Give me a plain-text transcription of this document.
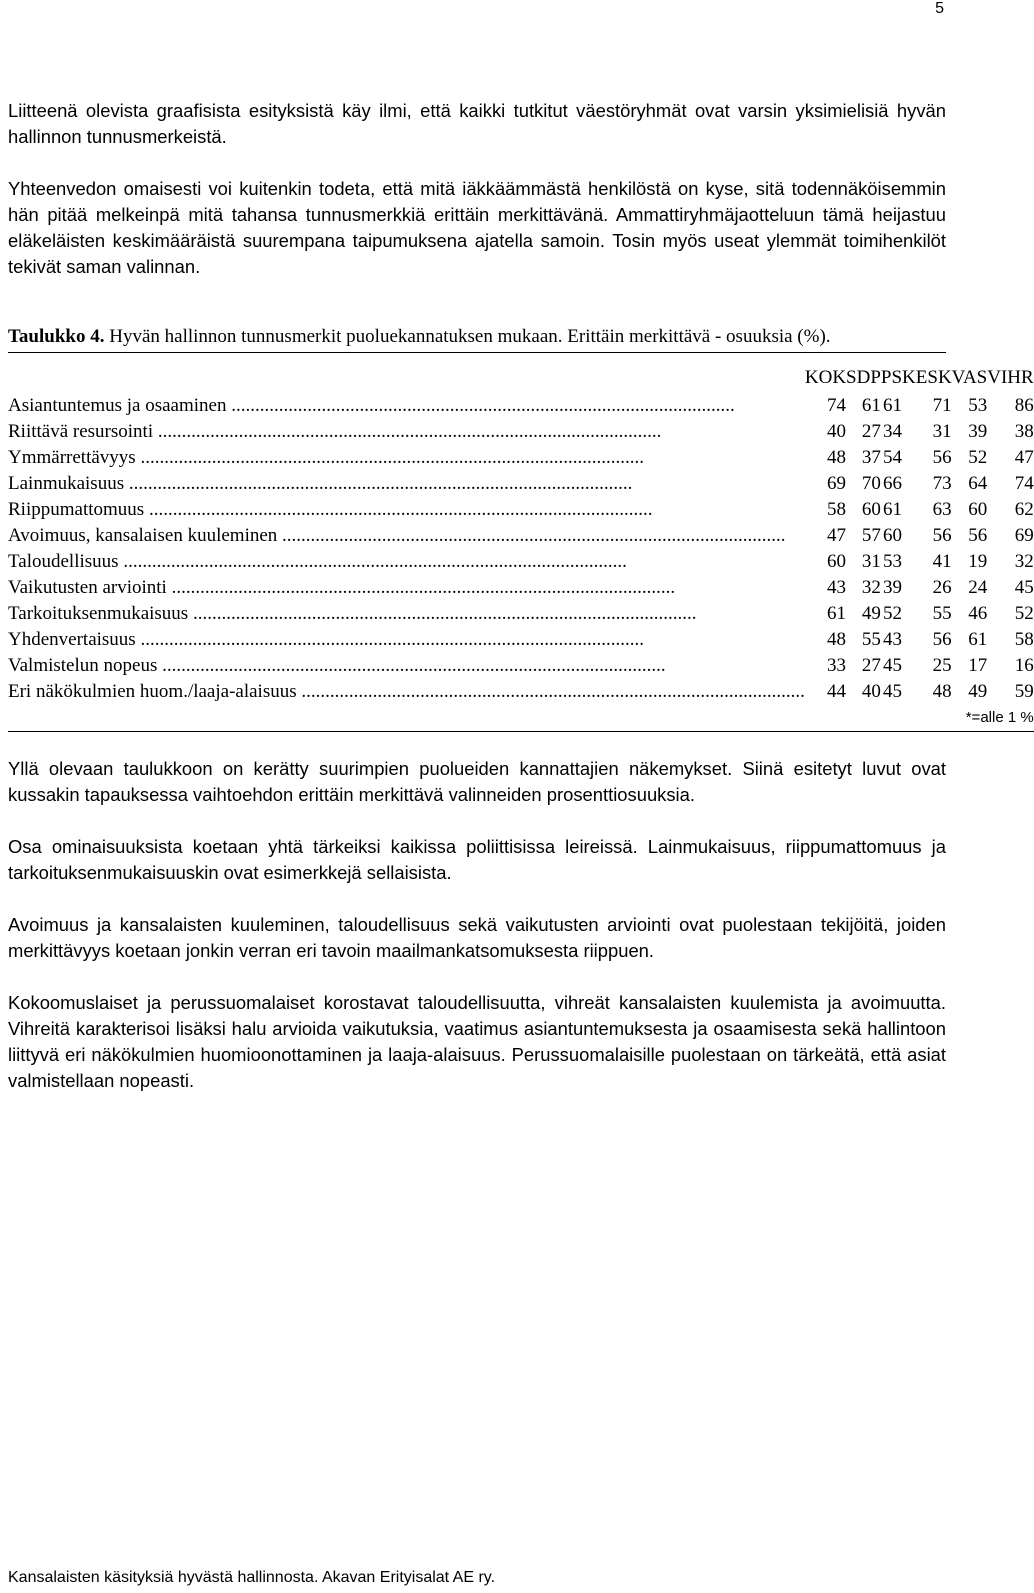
5

Liitteenä olevista graafisista esityksistä käy ilmi, että kaikki tutkitut väestöryhmät ovat varsin yksimielisiä hyvän hallinnon tunnusmerkeistä.

Yhteenvedon omaisesti voi kuitenkin todeta, että mitä iäkkäämmästä henkilöstä on kyse, sitä todennäköisemmin hän pitää melkeinpä mitä tahansa tunnusmerkkiä erittäin merkittävänä. Ammattiryhmäjaotteluun tämä heijastuu eläkeläisten keskimääräistä suurempana taipumuksena ajatella samoin. Tosin myös useat ylemmät toimihenkilöt tekivät saman valinnan.

Taulukko 4. Hyvän hallinnon tunnusmerkit puoluekannatuksen mukaan. Erittäin merkittävä - osuuksia (%).
	KOK	SDP	PS	KESK	VAS	VIHR
Asiantuntemus ja osaaminen .....	74	61	61	71	53	86
Riittävä resursointi .....	40	27	34	31	39	38
Ymmärrettävyys .....	48	37	54	56	52	47
Lainmukaisuus .....	69	70	66	73	64	74
Riippumattomuus .....	58	60	61	63	60	62
Avoimuus, kansalaisen kuuleminen .....	47	57	60	56	56	69
Taloudellisuus .....	60	31	53	41	19	32
Vaikutusten arviointi .....	43	32	39	26	24	45
Tarkoituksenmukaisuus .....	61	49	52	55	46	52
Yhdenvertaisuus .....	48	55	43	56	61	58
Valmistelun nopeus .....	33	27	45	25	17	16
Eri näkökulmien huom./laaja-alaisuus .....	44	40	45	48	49	59
*=alle 1 %						

Yllä olevaan taulukkoon on kerätty suurimpien puolueiden kannattajien näkemykset. Siinä esitetyt luvut ovat kussakin tapauksessa vaihtoehdon erittäin merkittävä valinneiden prosenttiosuuksia.

Osa ominaisuuksista koetaan yhtä tärkeiksi kaikissa poliittisissa leireissä. Lainmukaisuus, riippumattomuus ja tarkoituksenmukaisuuskin ovat esimerkkejä sellaisista.

Avoimuus ja kansalaisten kuuleminen, taloudellisuus sekä vaikutusten arviointi ovat puolestaan tekijöitä, joiden merkittävyys koetaan jonkin verran eri tavoin maailmankatsomuksesta riippuen.

Kokoomuslaiset ja perussuomalaiset korostavat taloudellisuutta, vihreät kansalaisten kuulemista ja avoimuutta. Vihreitä karakterisoi lisäksi halu arvioida vaikutuksia, vaatimus asiantuntemuksesta ja osaamisesta sekä hallintoon liittyvä eri näkökulmien huomioonottaminen ja laaja-alaisuus. Perussuomalaisille puolestaan on tärkeätä, että asiat valmistellaan nopeasti.

Kansalaisten käsityksiä hyvästä hallinnosta. Akavan Erityisalat AE ry.
